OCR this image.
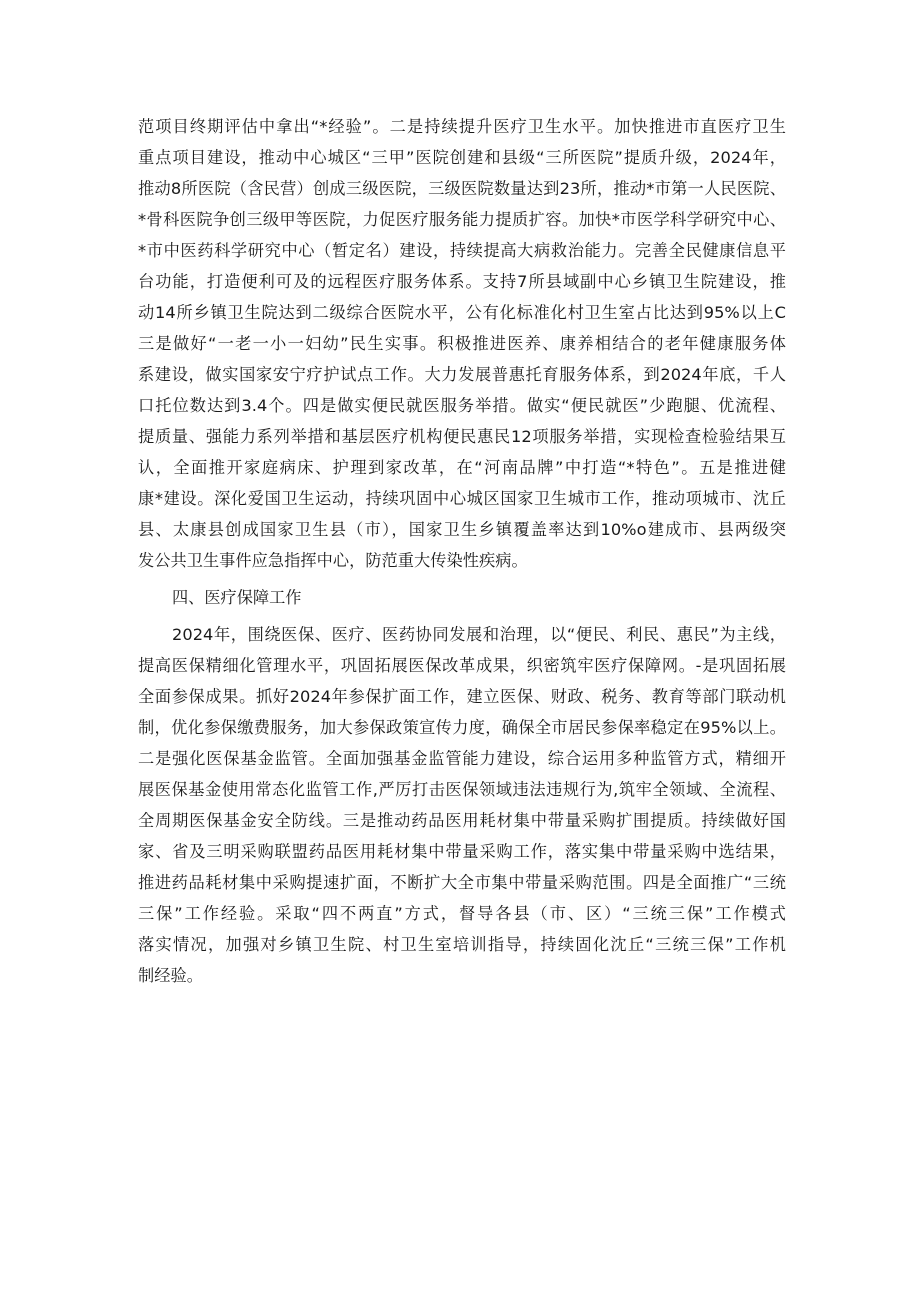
范项目终期评估中拿出“*经验”。二是持续提升医疗卫生水平。加快推进市直医疗卫生
重点项目建设，推动中心城区“三甲”医院创建和县级“三所医院”提质升级，2024年，
推动8所医院（含民营）创成三级医院，三级医院数量达到23所，推动*市第一人民医院、
*骨科医院争创三级甲等医院，力促医疗服务能力提质扩容。加快*市医学科学研究中心、
*市中医药科学研究中心（暂定名）建设，持续提高大病救治能力。完善全民健康信息平
台功能，打造便利可及的远程医疗服务体系。支持7所县域副中心乡镇卫生院建设，推
动14所乡镇卫生院达到二级综合医院水平，公有化标准化村卫生室占比达到95%以上C
三是做好“一老一小一妇幼”民生实事。积极推进医养、康养相结合的老年健康服务体
系建设，做实国家安宁疗护试点工作。大力发展普惠托育服务体系，到2024年底，千人
口托位数达到3.4个。四是做实便民就医服务举措。做实“便民就医”少跑腿、优流程、
提质量、强能力系列举措和基层医疗机构便民惠民12项服务举措，实现检查检验结果互
认，全面推开家庭病床、护理到家改革，在“河南品牌”中打造“*特色”。五是推进健
康*建设。深化爱国卫生运动，持续巩固中心城区国家卫生城市工作，推动项城市、沈丘
县、太康县创成国家卫生县（市），国家卫生乡镇覆盖率达到10%o建成市、县两级突
发公共卫生事件应急指挥中心，防范重大传染性疾病。
四、医疗保障工作
2024年，围绕医保、医疗、医药协同发展和治理，以“便民、利民、惠民”为主线，
提高医保精细化管理水平，巩固拓展医保改革成果，织密筑牢医疗保障网。-是巩固拓展
全面参保成果。抓好2024年参保扩面工作，建立医保、财政、税务、教育等部门联动机
制，优化参保缴费服务，加大参保政策宣传力度，确保全市居民参保率稳定在95%以上。
二是强化医保基金监管。全面加强基金监管能力建设，综合运用多种监管方式，精细开
展医保基金使用常态化监管工作,严厉打击医保领域违法违规行为,筑牢全领域、全流程、
全周期医保基金安全防线。三是推动药品医用耗材集中带量采购扩围提质。持续做好国
家、省及三明采购联盟药品医用耗材集中带量采购工作，落实集中带量采购中选结果，
推进药品耗材集中采购提速扩面，不断扩大全市集中带量采购范围。四是全面推广“三统
三保”工作经验。采取“四不两直”方式，督导各县（市、区）“三统三保”工作模式
落实情况，加强对乡镇卫生院、村卫生室培训指导，持续固化沈丘“三统三保”工作机
制经验。
